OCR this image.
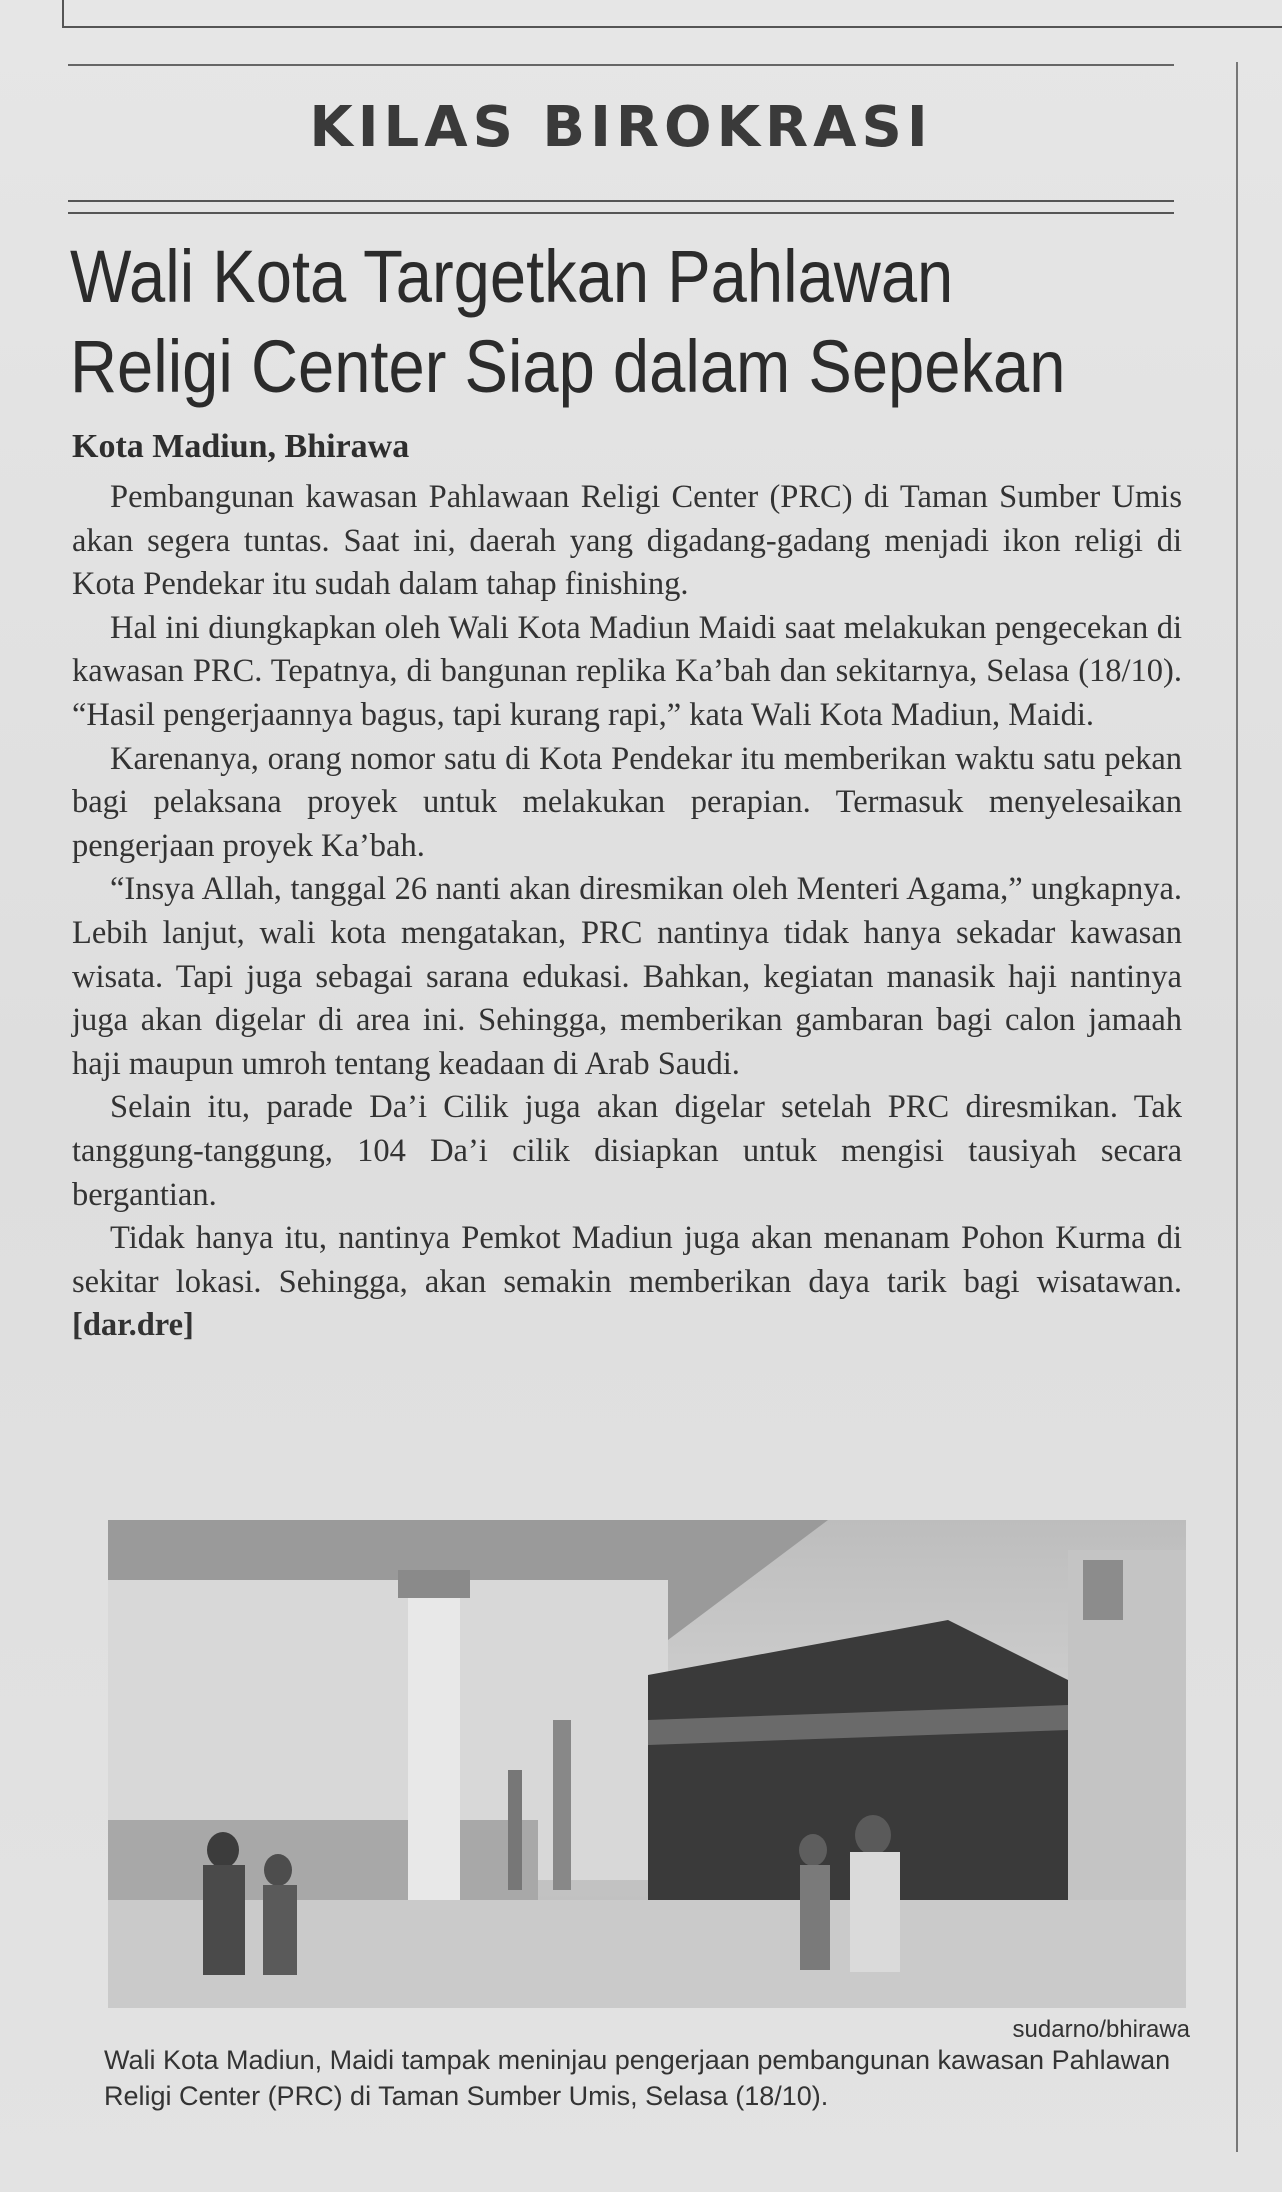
KILAS BIROKRASI
Wali Kota Targetkan Pahlawan
Religi Center Siap dalam Sepekan
Kota Madiun, Bhirawa

Pembangunan kawasan Pahlawaan Religi Center (PRC) di Taman Sumber Umis akan segera tuntas. Saat ini, daerah yang digadang-gadang menjadi ikon religi di Kota Pendekar itu sudah dalam tahap finishing.

Hal ini diungkapkan oleh Wali Kota Madiun Maidi saat melakukan pengecekan di kawasan PRC. Tepatnya, di bangunan replika Ka’bah dan sekitarnya, Selasa (18/10). “Hasil pengerjaannya bagus, tapi kurang rapi,” kata Wali Kota Madiun, Maidi.

Karenanya, orang nomor satu di Kota Pendekar itu memberikan waktu satu pekan bagi pelaksana proyek untuk melakukan perapian. Termasuk menyelesaikan pengerjaan proyek Ka’bah.

“Insya Allah, tanggal 26 nanti akan diresmikan oleh Menteri Agama,” ungkapnya. Lebih lanjut, wali kota mengatakan, PRC nantinya tidak hanya sekadar kawasan wisata. Tapi juga sebagai sarana edukasi. Bahkan, kegiatan manasik haji nantinya juga akan digelar di area ini. Sehingga, memberikan gambaran bagi calon jamaah haji maupun umroh tentang keadaan di Arab Saudi.

Selain itu, parade Da’i Cilik juga akan digelar setelah PRC diresmikan. Tak tanggung-tanggung, 104 Da’i cilik disiapkan untuk mengisi tausiyah secara bergantian.

Tidak hanya itu, nantinya Pemkot Madiun juga akan menanam Pohon Kurma di sekitar lokasi. Sehingga, akan semakin memberikan daya tarik bagi wisatawan. [dar.dre]

sudarno/bhirawa

Wali Kota Madiun, Maidi tampak meninjau pengerjaan pembangunan kawasan Pahlawan Religi Center (PRC) di Taman Sumber Umis, Selasa (18/10).
